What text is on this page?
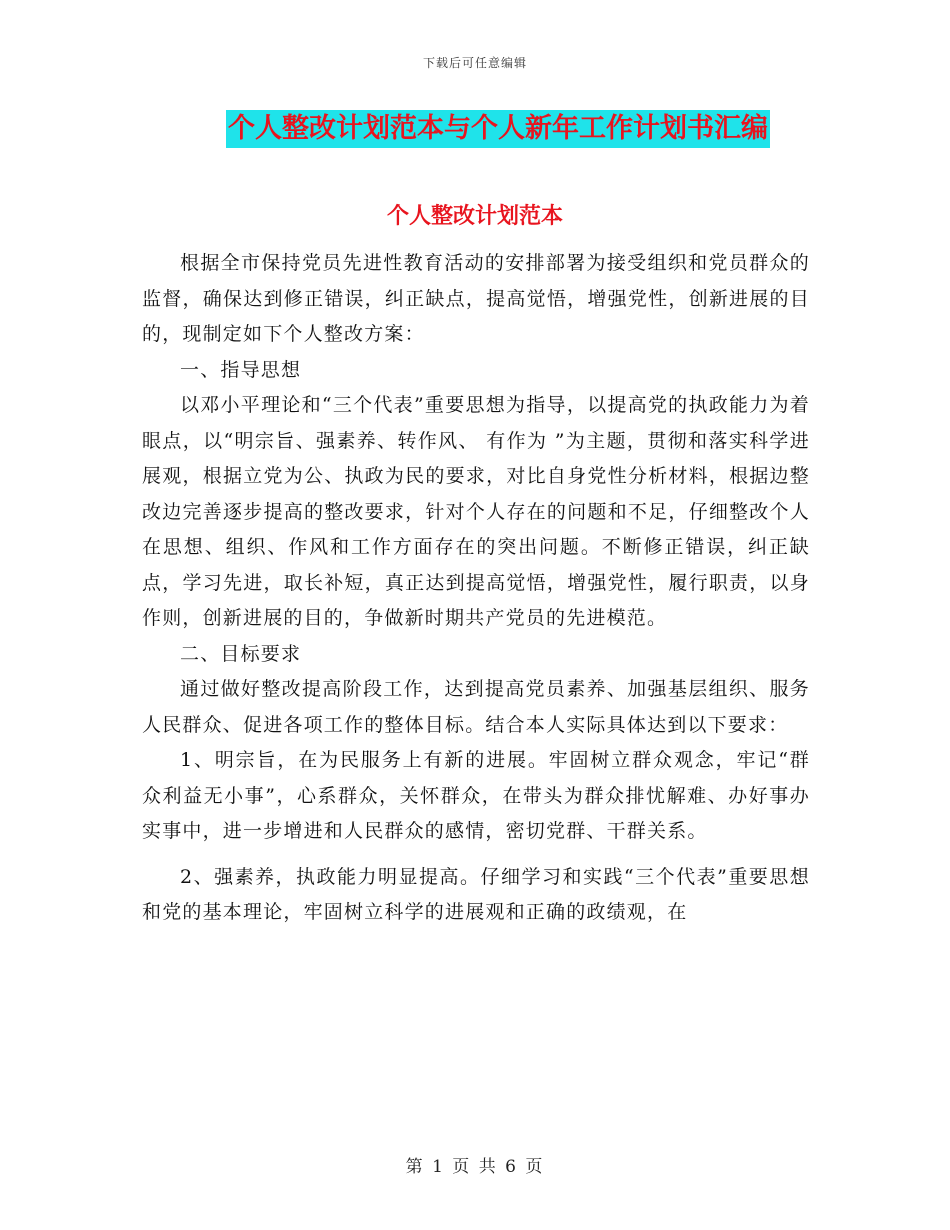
下载后可任意编辑
个人整改计划范本与个人新年工作计划书汇编
个人整改计划范本

根据全市保持党员先进性教育活动的安排部署为接受组织和党员群众的监督，确保达到修正错误，纠正缺点，提高觉悟，增强党性，创新进展的目的，现制定如下个人整改方案：

一、指导思想

以邓小平理论和“三个代表”重要思想为指导，以提高党的执政能力为着眼点，以“明宗旨、强素养、转作风、 有作为 ”为主题，贯彻和落实科学进展观，根据立党为公、执政为民的要求，对比自身党性分析材料，根据边整改边完善逐步提高的整改要求，针对个人存在的问题和不足，仔细整改个人在思想、组织、作风和工作方面存在的突出问题。不断修正错误，纠正缺点，学习先进，取长补短，真正达到提高觉悟，增强党性，履行职责，以身作则，创新进展的目的，争做新时期共产党员的先进模范。

二、目标要求

通过做好整改提高阶段工作，达到提高党员素养、加强基层组织、服务人民群众、促进各项工作的整体目标。结合本人实际具体达到以下要求：

1、明宗旨，在为民服务上有新的进展。牢固树立群众观念，牢记“群众利益无小事”，心系群众，关怀群众，在带头为群众排忧解难、办好事办实事中，进一步增进和人民群众的感情，密切党群、干群关系。

2、强素养，执政能力明显提高。仔细学习和实践“三个代表”重要思想和党的基本理论，牢固树立科学的进展观和正确的政绩观，在

第 1 页 共 6 页
